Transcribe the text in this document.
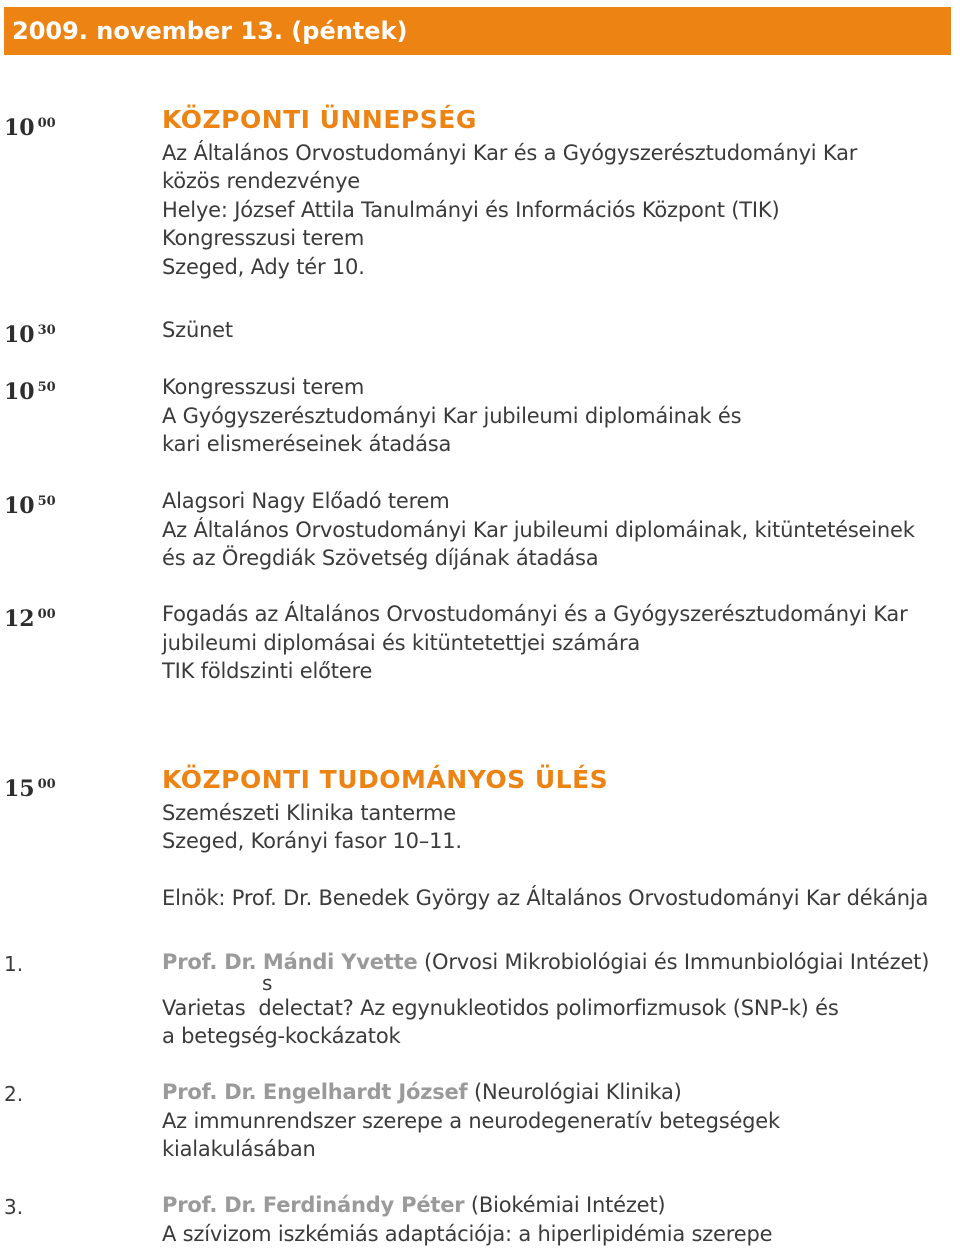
2009. november 13. (péntek)
10 $^{00}$	KÖZPONTI ÜNNEPSÉG
Az Általános Orvostudományi Kar és a Gyógyszerésztudományi Kar
közös rendezvénye
Helye: József Attila Tanulmányi és Információs Központ (TIK)
Kongresszusi terem
Szeged, Ady tér 10.
10 $^{30}$	Szünet
10 $^{50}$	Kongresszusi terem
A Gyógyszerésztudományi Kar jubileumi diplomáinak és
kari elismeréseinek átadása
10 $^{50}$	Alagsori Nagy Előadó terem
Az Általános Orvostudományi Kar jubileumi diplomáinak, kitüntetéseinek
és az Öregdiák Szövetség díjának átadása
12 $^{00}$	Fogadás az Általános Orvostudományi és a Gyógyszerésztudományi Kar
jubileumi diplomásai és kitüntetettjei számára
TIK földszinti előtere
15 $^{00}$	KÖZPONTI TUDOMÁNYOS ÜLÉS
Szemészeti Klinika tanterme
Szeged, Korányi fasor 10–11.
Elnök: Prof. Dr. Benedek György az Általános Orvostudományi Kar dékánja
1.	Prof. Dr. Mándi Yvette (Orvosi Mikrobiológiai és Immunbiológiai Intézet)
Varietas  delectat? Az egynukleotidos polimorfizmusok (SNP-k) és
a betegség-kockázatok
s
2.	Prof. Dr. Engelhardt József (Neurológiai Klinika)
Az immunrendszer szerepe a neurodegeneratív betegségek
kialakulásában
3.	Prof. Dr. Ferdinándy Péter (Biokémiai Intézet)
A szívizom iszkémiás adaptációja: a hiperlipidémia szerepe
